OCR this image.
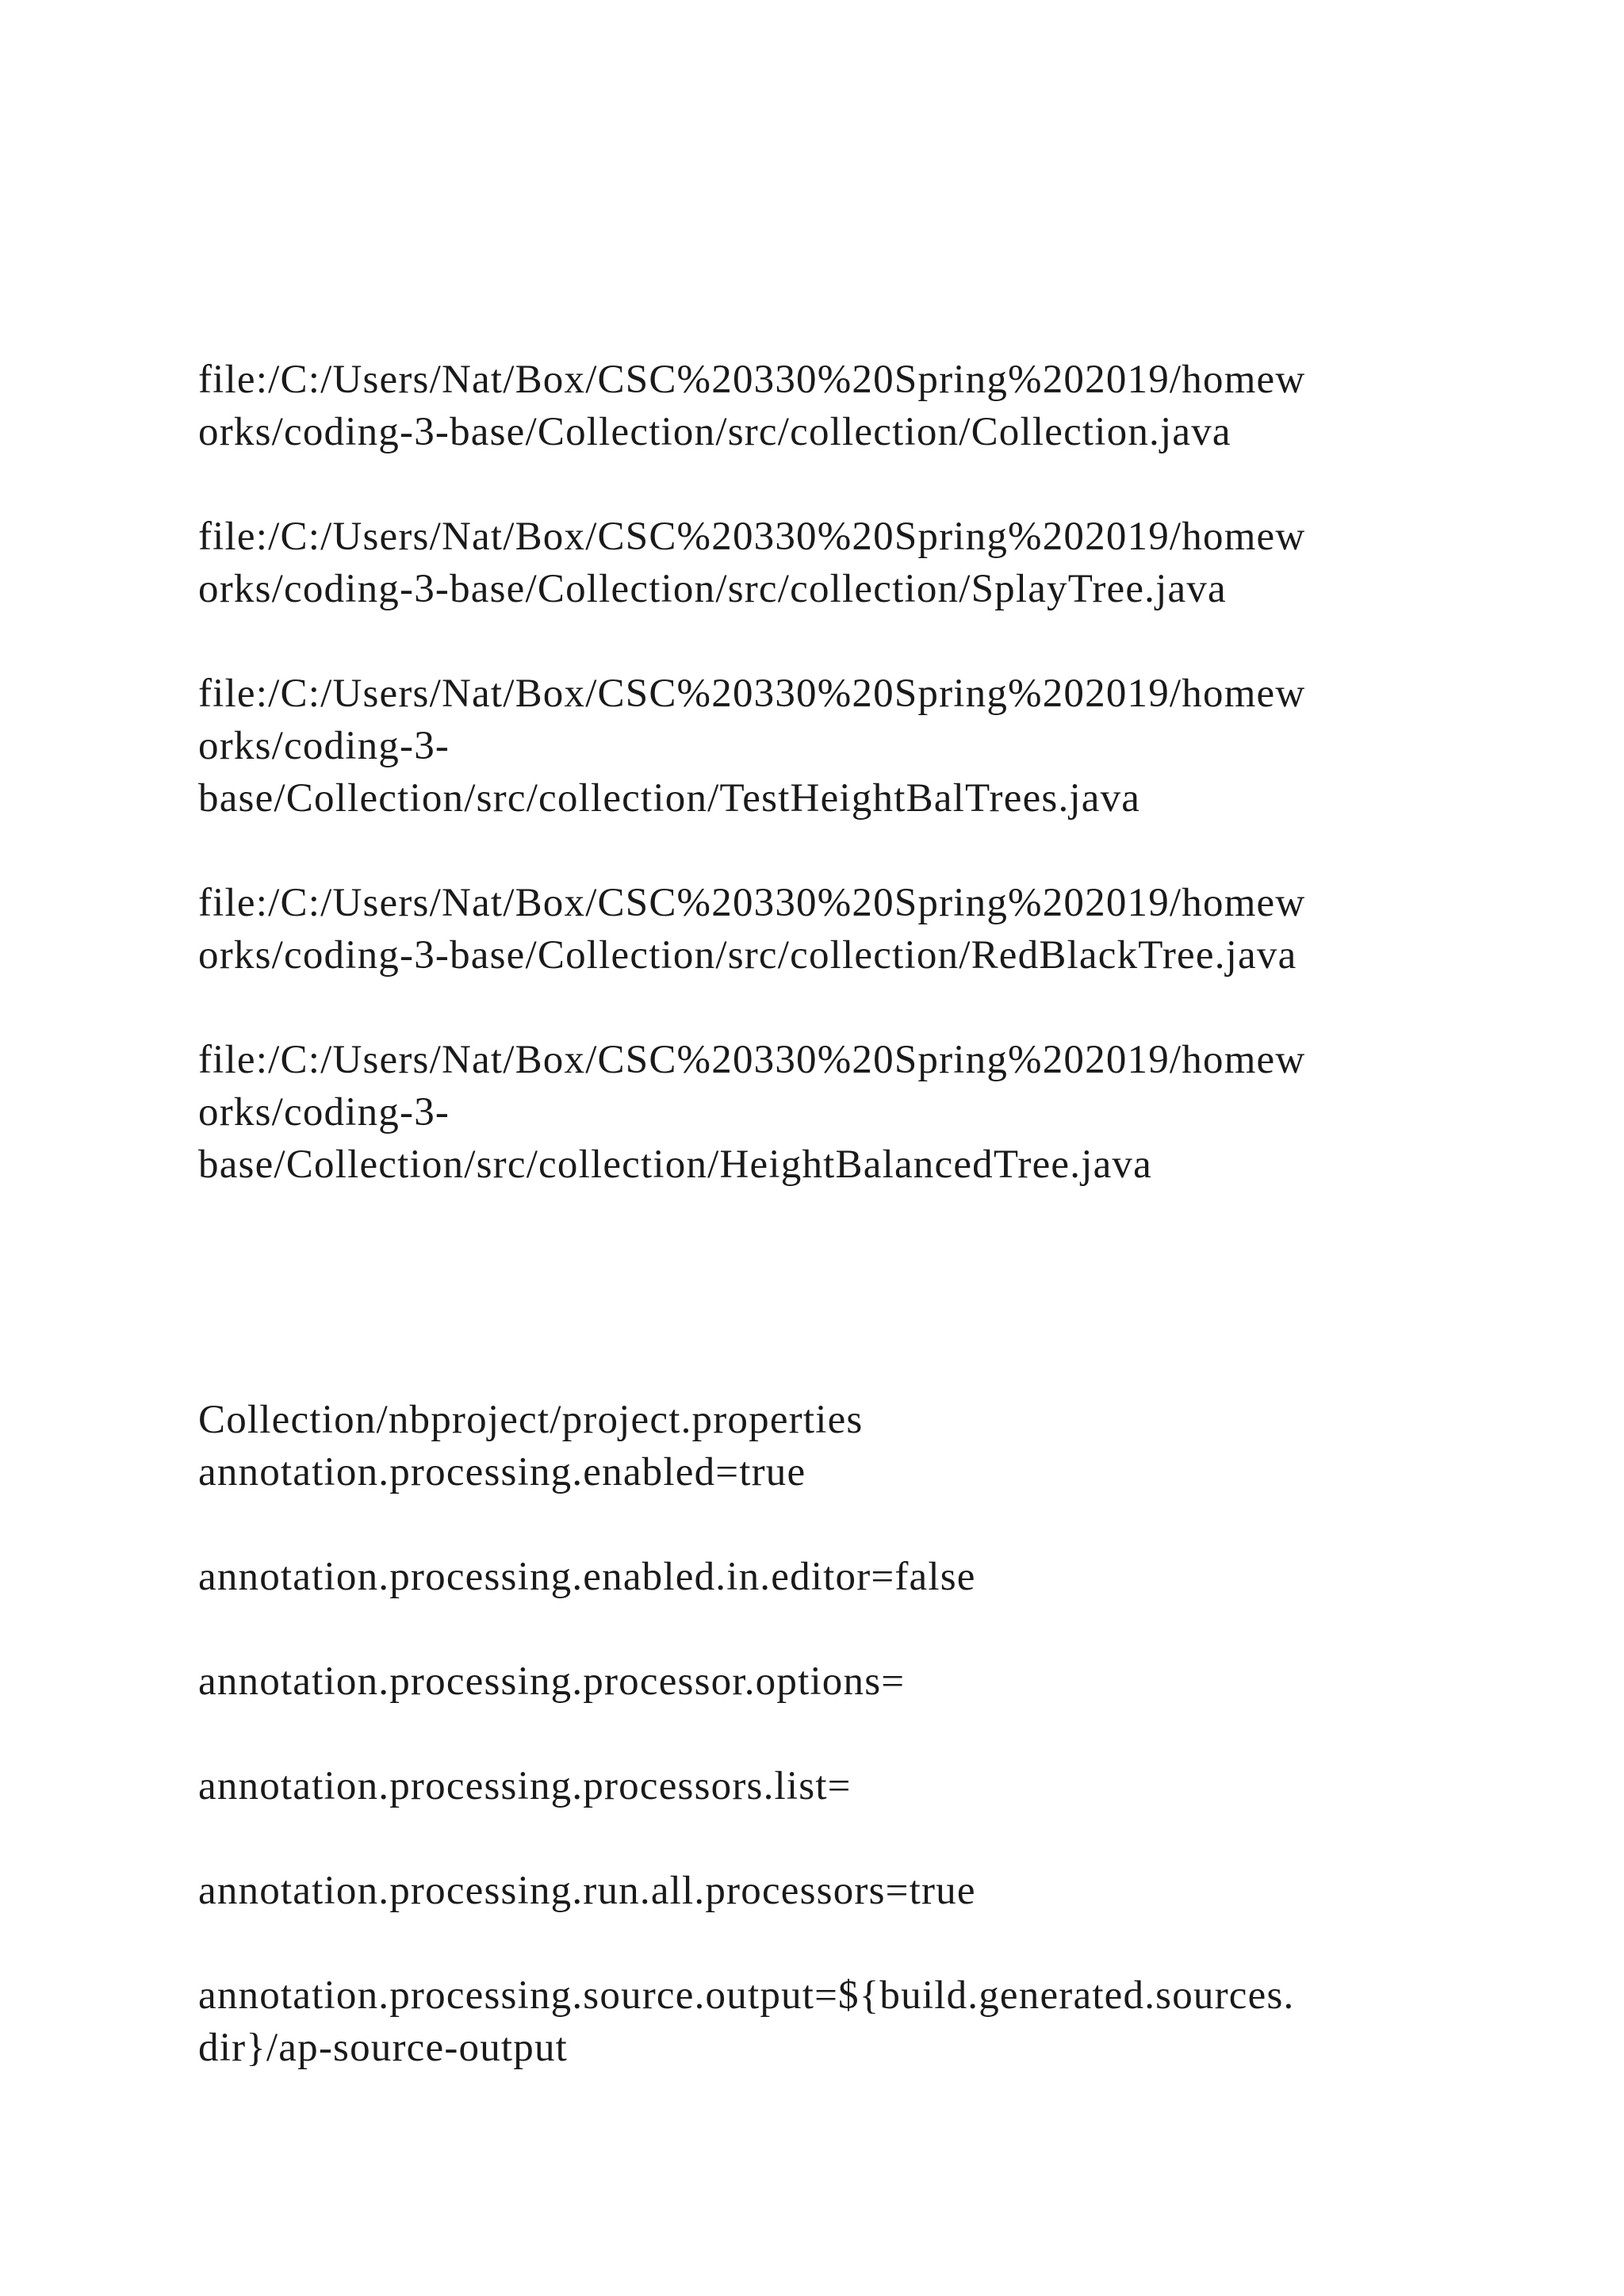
file:/C:/Users/Nat/Box/CSC%20330%20Spring%202019/homew
orks/coding-3-base/Collection/src/collection/Collection.java
file:/C:/Users/Nat/Box/CSC%20330%20Spring%202019/homew
orks/coding-3-base/Collection/src/collection/SplayTree.java
file:/C:/Users/Nat/Box/CSC%20330%20Spring%202019/homew
orks/coding-3-
base/Collection/src/collection/TestHeightBalTrees.java
file:/C:/Users/Nat/Box/CSC%20330%20Spring%202019/homew
orks/coding-3-base/Collection/src/collection/RedBlackTree.java
file:/C:/Users/Nat/Box/CSC%20330%20Spring%202019/homew
orks/coding-3-
base/Collection/src/collection/HeightBalancedTree.java
Collection/nbproject/project.properties
annotation.processing.enabled=true
annotation.processing.enabled.in.editor=false
annotation.processing.processor.options=
annotation.processing.processors.list=
annotation.processing.run.all.processors=true
annotation.processing.source.output=${build.generated.sources.
dir}/ap-source-output
